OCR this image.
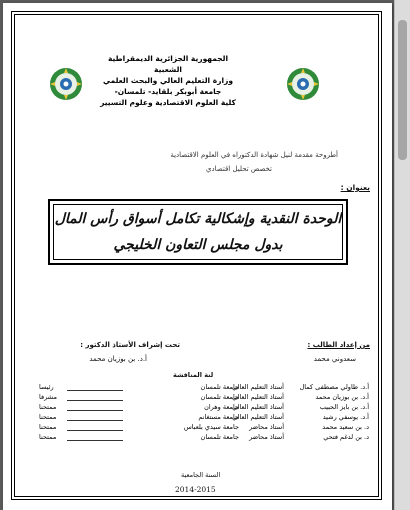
الجمهورية الجزائرية الديمقراطية الشعبية
وزارة التعليم العالي والبحث العلمي
جامعة أبوبكر بلقايد- تلمسان-
كلية العلوم الاقتصادية وعلوم التسيير
أطروحة مقدمة لنيل شهادة الدكتوراه في العلوم الاقتصادية
تخصص تحليل اقتصادي
بعنوان :
الوحدة النقدية وإشكالية تكامل أسواق رأس المال
بدول مجلس التعاون الخليجي
من إعداد الطالب :
سعدوني محمد
تحت إشراف الأستاذ الدكتور :
أ.د. بن بوزيان محمد
لنة المناقشة
أ.د. طاولي مصطفى كمال
أستاذ التعليم العالي
جامعة تلمسان
رئيسا
أ.د. بن بوزيان محمد
أستاذ التعليم العالي
جامعة تلمسان
مشرفا
أ.د. بن بايز الحبيب
أستاذ التعليم العالي
جامعة وهران
ممتحنا
أ.د. يوسفي رشيد
أستاذ التعليم العالي
جامعة مستغانم
ممتحنا
د. بن سعيد محمد
أستاذ محاضر
جامعة سيدي بلعباس
ممتحنا
د. بن لدغم فتحي
أستاذ محاضر
جامعة تلمسان
ممتحنا
السنة الجامعية
2014-2015
